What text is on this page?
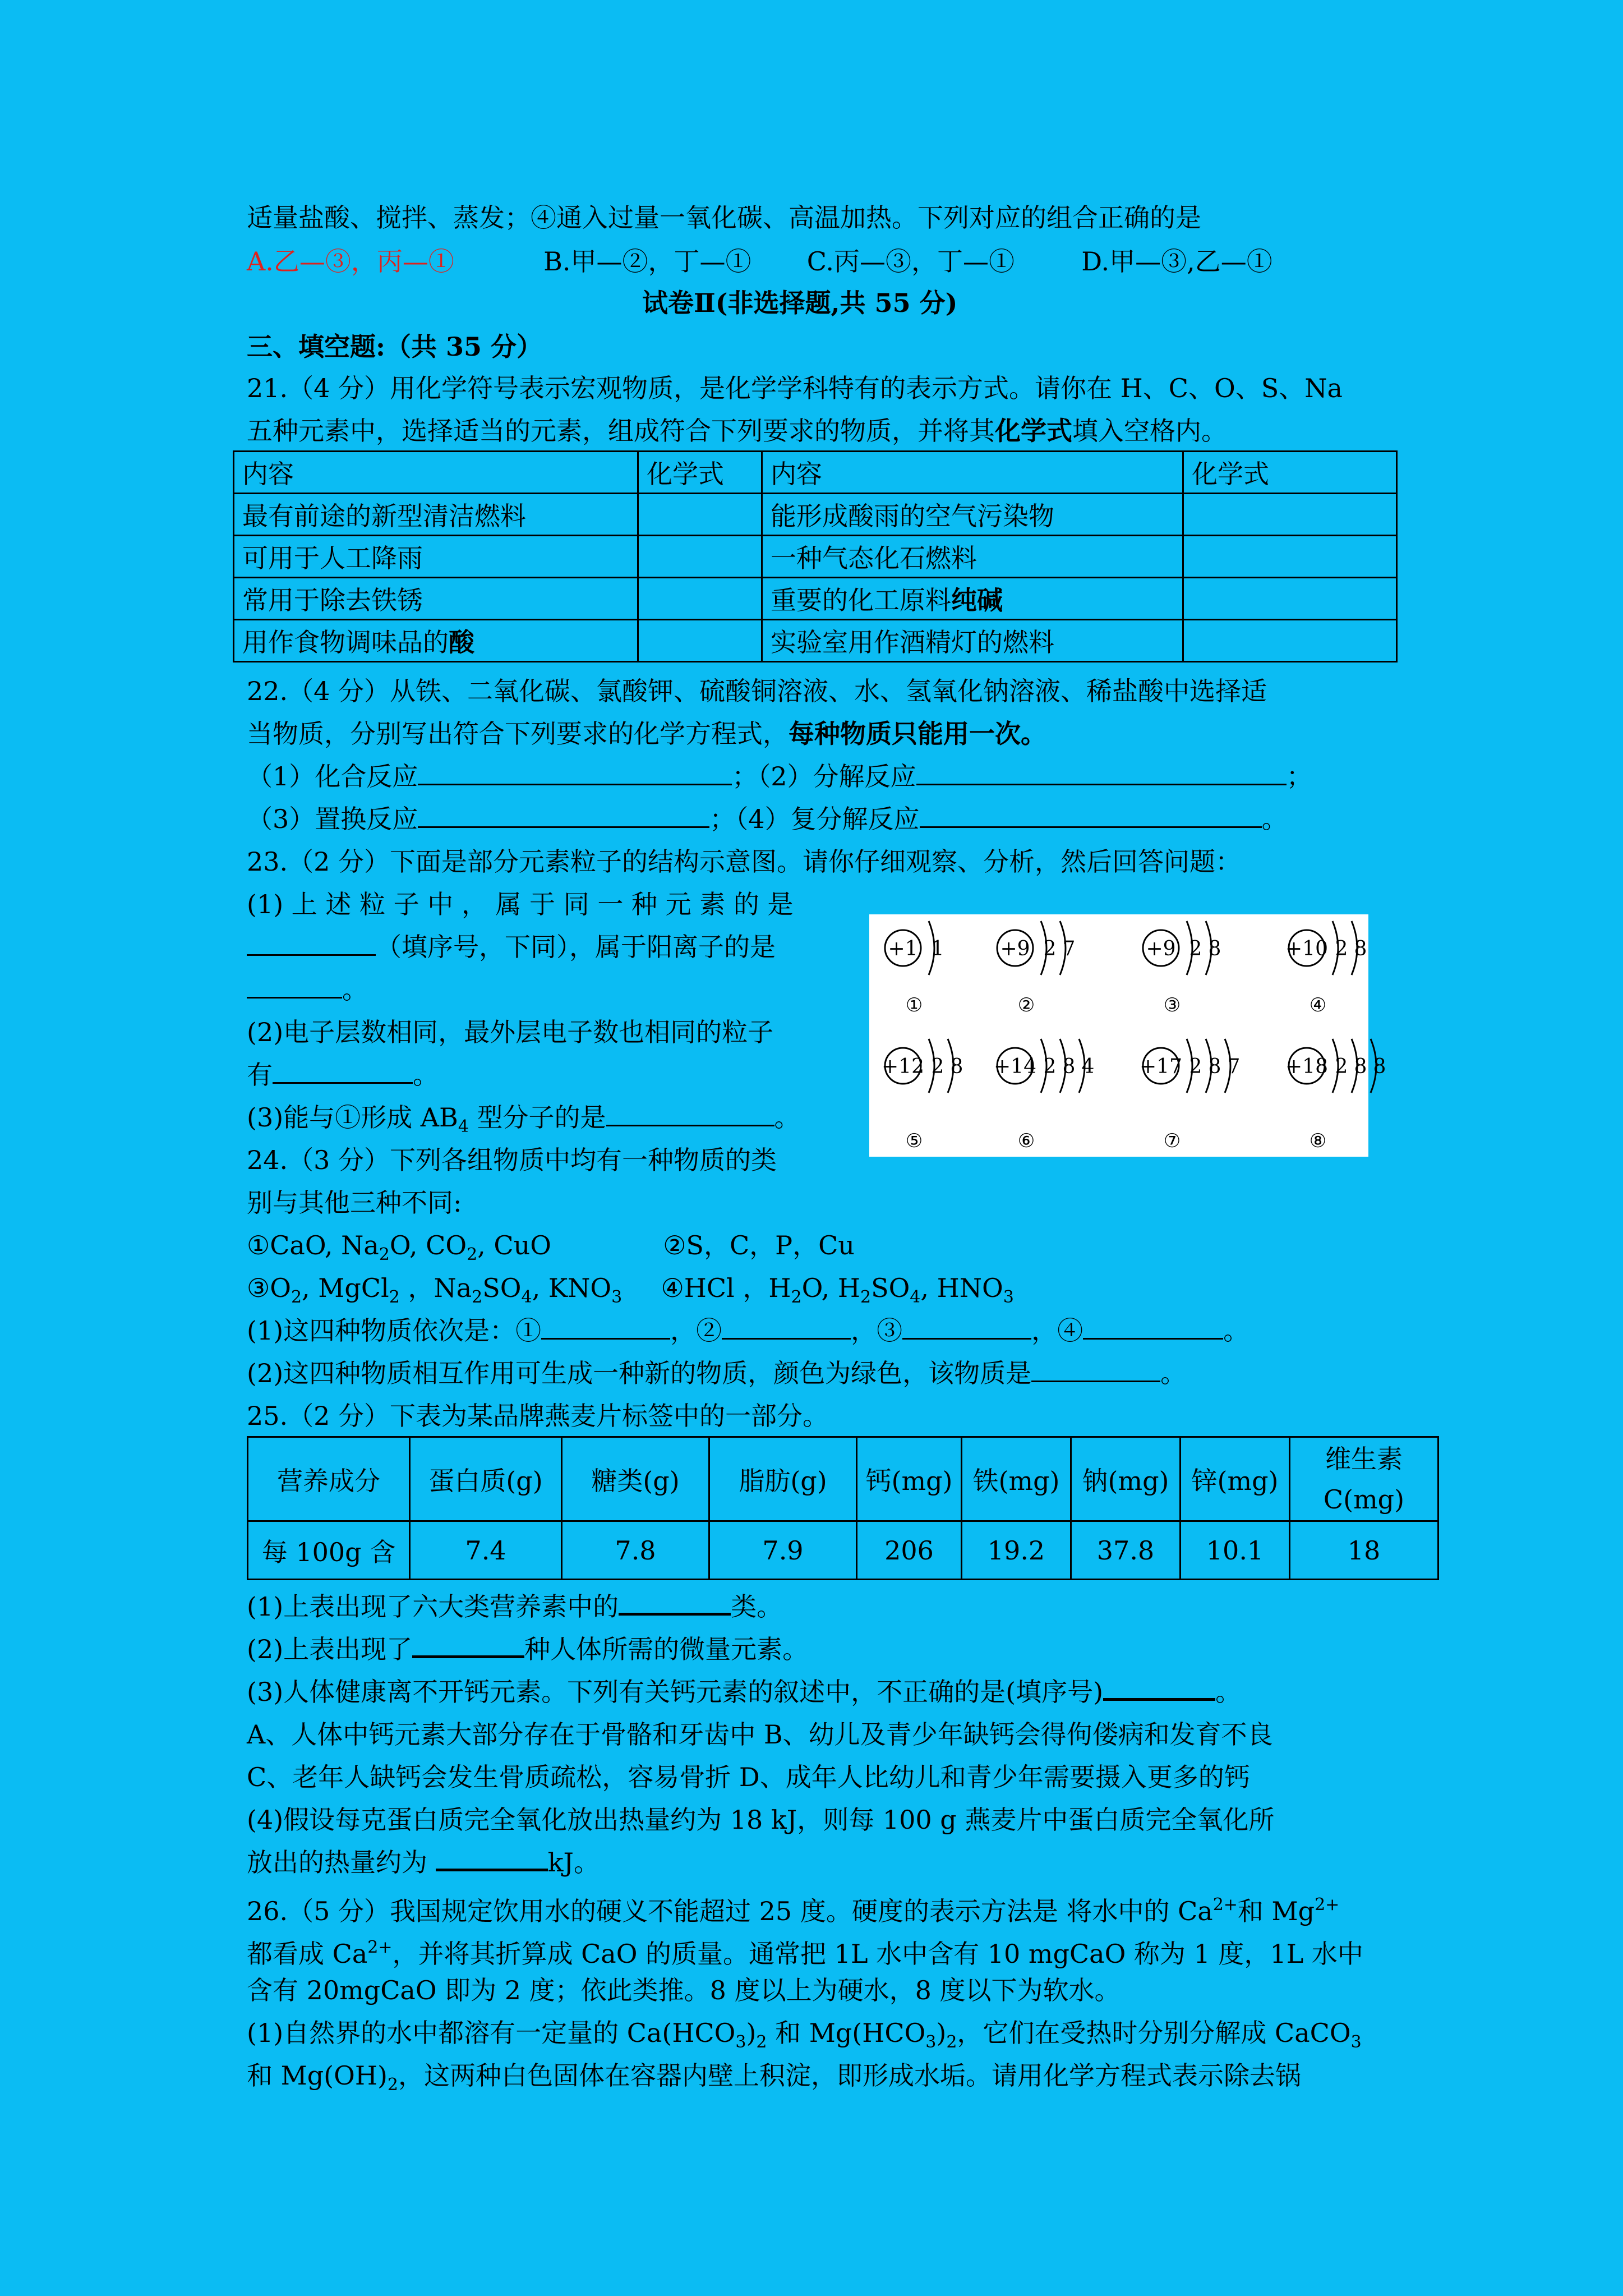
适量盐酸、搅拌、蒸发；④通入过量一氧化碳、高温加热。下列对应的组合正确的是
A.乙—③，丙—①	B.甲—②，丁—① C.丙—③，丁—①	D.甲—③,乙—①
试卷Ⅱ(非选择题,共 55 分)
三、填空题:（共 35 分）
21.（4 分）用化学符号表示宏观物质，是化学学科特有的表示方式。请你在 H、C、O、S、Na
五种元素中，选择适当的元素，组成符合下列要求的物质，并将其化学式填入空格内。
内容	化学式	内容	化学式
最有前途的新型清洁燃料		能形成酸雨的空气污染物	
可用于人工降雨		一种气态化石燃料	
常用于除去铁锈		重要的化工原料纯碱	
用作食物调味品的酸		实验室用作酒精灯的燃料	
22.（4 分）从铁、二氧化碳、氯酸钾、硫酸铜溶液、水、氢氧化钠溶液、稀盐酸中选择适
当物质，分别写出符合下列要求的化学方程式，每种物质只能用一次。
（1）化合反应	；（2）分解反应	；
（3）置换反应	；（4）复分解反应	。
23.（2 分）下面是部分元素粒子的结构示意图。请你仔细观察、分析，然后回答问题：
(1) 上 述 粒 子 中 ， 属 于 同 一 种 元 素 的 是
（填序号，下同），属于阳离子的是
。
(2)电子层数相同，最外层电子数也相同的粒子
有	。
(3)能与①形成 $AB_4$ 型分子的是	。
+1 1
①
+9 2 7
②
+9 2 8
③
+10 2 8
④
+12 2 8
⑤
+14 2 8 4
⑥
+17 2 8 7
⑦
+18 2 8 8
⑧
24.（3 分）下列各组物质中均有一种物质的类
别与其他三种不同:
①CaO, $Na_2O$, $CO_2$, CuO	②S，C，P，Cu
$③O_2$, MgCl$_2$ ，$Na_2SO_4$, $KNO_3$ ④HCl ，$H_2O$, $H_2SO_4$, $HNO_3$
(1)这四种物质依次是：①	，②	，③	，④	。
(2)这四种物质相互作用可生成一种新的物质，颜色为绿色，该物质是	。
25.（2 分）下表为某品牌燕麦片标签中的一部分。
营养成分	蛋白质(g)	糖类(g)	脂肪(g)	钙(mg)	铁(mg)	钠(mg)	锌(mg)	维生素
C(mg)

每 100g 含	7.4	7.8	7.9	206	19.2	37.8	10.1	18
(1)上表出现了六大类营养素中的	类。
(2)上表出现了	种人体所需的微量元素。
(3)人体健康离不开钙元素。下列有关钙元素的叙述中，不正确的是(填序号)	。
A、人体中钙元素大部分存在于骨骼和牙齿中 B、幼儿及青少年缺钙会得佝偻病和发育不良
C、老年人缺钙会发生骨质疏松，容易骨折 D、成年人比幼儿和青少年需要摄入更多的钙
(4)假设每克蛋白质完全氧化放出热量约为 18 kJ，则每 100 g 燕麦片中蛋白质完全氧化所
放出的热量约为	kJ。
26.（5 分）我国规定饮用水的硬义不能超过 25 度。硬度的表示方法是 将水中的 $Ca^{2+}$和 $Mg^{2+}$
都看成 $Ca^{2+}$，并将其折算成 CaO 的质量。通常把 1L 水中含有 10 mgCaO 称为 1 度，1L 水中
含有 20mgCaO 即为 2 度；依此类推。8 度以上为硬水，8 度以下为软水。
(1)自然界的水中都溶有一定量的 $Ca(HCO_3)_2$ 和 $Mg(HCO_3)_2$，它们在受热时分别分解成 CaCO$_3$
和 $Mg(OH)_2$，这两种白色固体在容器内壁上积淀，即形成水垢。请用化学方程式表示除去锅
